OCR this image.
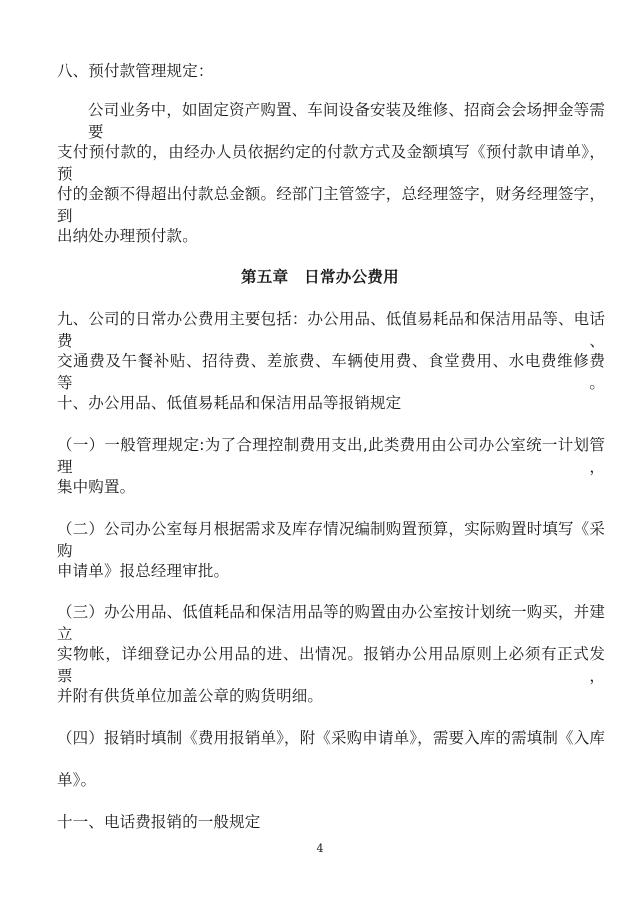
八、预付款管理规定：
公司业务中，如固定资产购置、车间设备安装及维修、招商会会场押金等需要
支付预付款的，由经办人员依据约定的付款方式及金额填写《预付款申请单》，预
付的金额不得超出付款总金额。经部门主管签字，总经理签字，财务经理签字，到
出纳处办理预付款。
第五章　日常办公费用
九、公司的日常办公费用主要包括：办公用品、低值易耗品和保洁用品等、电话费、
交通费及午餐补贴、招待费、差旅费、车辆使用费、食堂费用、水电费维修费等。
十、办公用品、低值易耗品和保洁用品等报销规定
（一）一般管理规定:为了合理控制费用支出,此类费用由公司办公室统一计划管理，
集中购置。
（二）公司办公室每月根据需求及库存情况编制购置预算，实际购置时填写《采购
申请单》报总经理审批。
（三）办公用品、低值耗品和保洁用品等的购置由办公室按计划统一购买，并建立
实物帐，详细登记办公用品的进、出情况。报销办公用品原则上必须有正式发票，
并附有供货单位加盖公章的购货明细。
（四）报销时填制《费用报销单》，附《采购申请单》，需要入库的需填制《入库
单》。
十一、电话费报销的一般规定
4
